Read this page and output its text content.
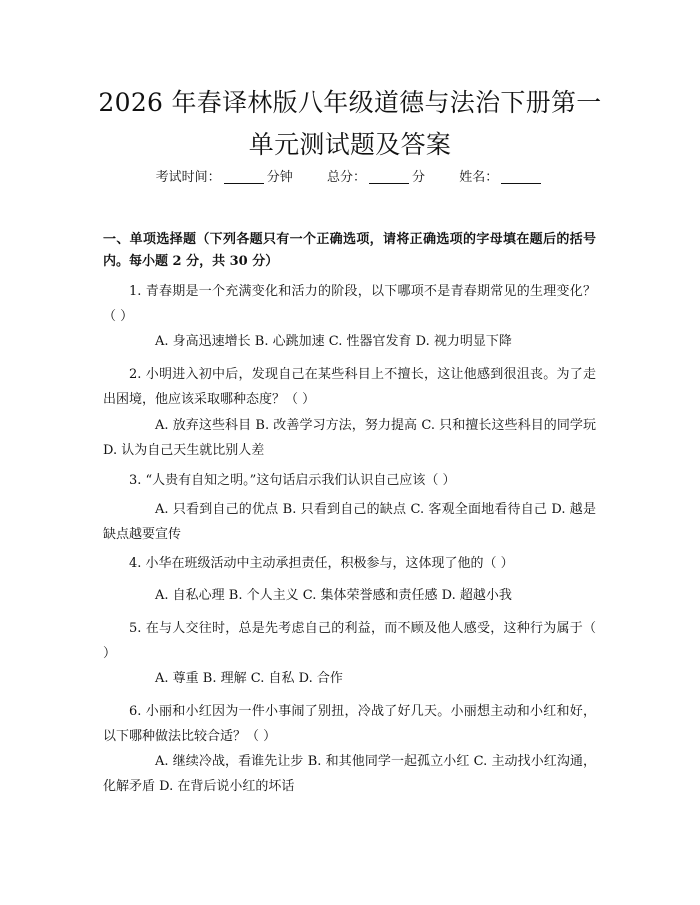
2026 年春译林版八年级道德与法治下册第一
单元测试题及答案
考试时间：	分钟	总分：	分	姓名：

一、单项选择题（下列各题只有一个正确选项，请将正确选项的字母填在题后的括号内。每小题 2 分，共 30 分）

1. 青春期是一个充满变化和活力的阶段，以下哪项不是青春期常见的生理变化？（ ）

A. 身高迅速增长 B. 心跳加速 C. 性器官发育 D. 视力明显下降

2. 小明进入初中后，发现自己在某些科目上不擅长，这让他感到很沮丧。为了走出困境，他应该采取哪种态度？（ ）

A. 放弃这些科目 B. 改善学习方法，努力提高 C. 只和擅长这些科目的同学玩 D. 认为自己天生就比别人差

3. “人贵有自知之明。”这句话启示我们认识自己应该（ ）

A. 只看到自己的优点 B. 只看到自己的缺点 C. 客观全面地看待自己 D. 越是缺点越要宣传

4. 小华在班级活动中主动承担责任，积极参与，这体现了他的（ ）

A. 自私心理 B. 个人主义 C. 集体荣誉感和责任感 D. 超越小我

5. 在与人交往时，总是先考虑自己的利益，而不顾及他人感受，这种行为属于（ ）

A. 尊重 B. 理解 C. 自私 D. 合作

6. 小丽和小红因为一件小事闹了别扭，冷战了好几天。小丽想主动和小红和好，以下哪种做法比较合适？（ ）

A. 继续冷战，看谁先让步 B. 和其他同学一起孤立小红 C. 主动找小红沟通，化解矛盾 D. 在背后说小红的坏话
